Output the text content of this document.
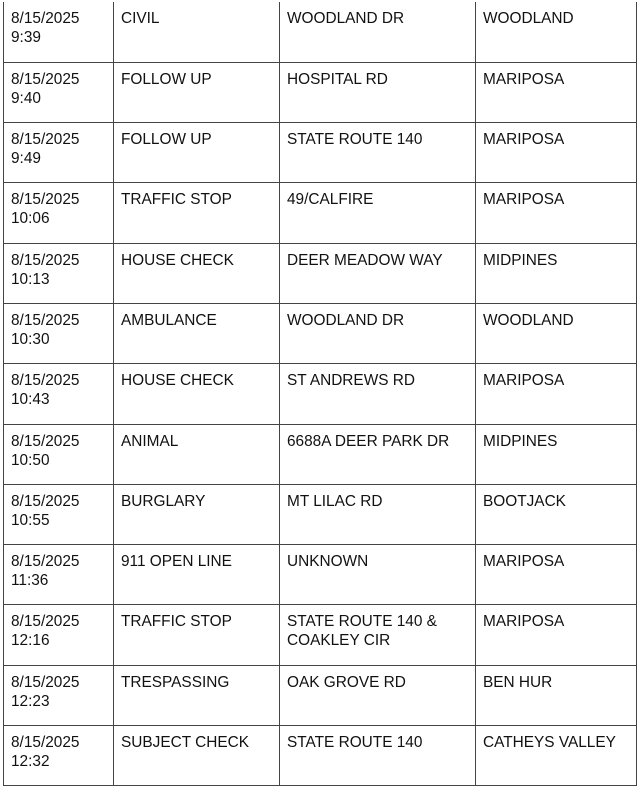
8/15/2025
9:39	CIVIL	WOODLAND DR	WOODLAND

8/15/2025
9:40	FOLLOW UP	HOSPITAL RD	MARIPOSA

8/15/2025
9:49	FOLLOW UP	STATE ROUTE 140	MARIPOSA

8/15/2025
10:06	TRAFFIC STOP	49/CALFIRE	MARIPOSA

8/15/2025
10:13	HOUSE CHECK	DEER MEADOW WAY	MIDPINES

8/15/2025
10:30	AMBULANCE	WOODLAND DR	WOODLAND

8/15/2025
10:43	HOUSE CHECK	ST ANDREWS RD	MARIPOSA

8/15/2025
10:50	ANIMAL	6688A DEER PARK DR	MIDPINES

8/15/2025
10:55	BURGLARY	MT LILAC RD	BOOTJACK

8/15/2025
11:36	911 OPEN LINE	UNKNOWN	MARIPOSA

8/15/2025
12:16	TRAFFIC STOP	STATE ROUTE 140 & COAKLEY CIR	MARIPOSA

8/15/2025
12:23	TRESPASSING	OAK GROVE RD	BEN HUR

8/15/2025
12:32	SUBJECT CHECK	STATE ROUTE 140	CATHEYS VALLEY
